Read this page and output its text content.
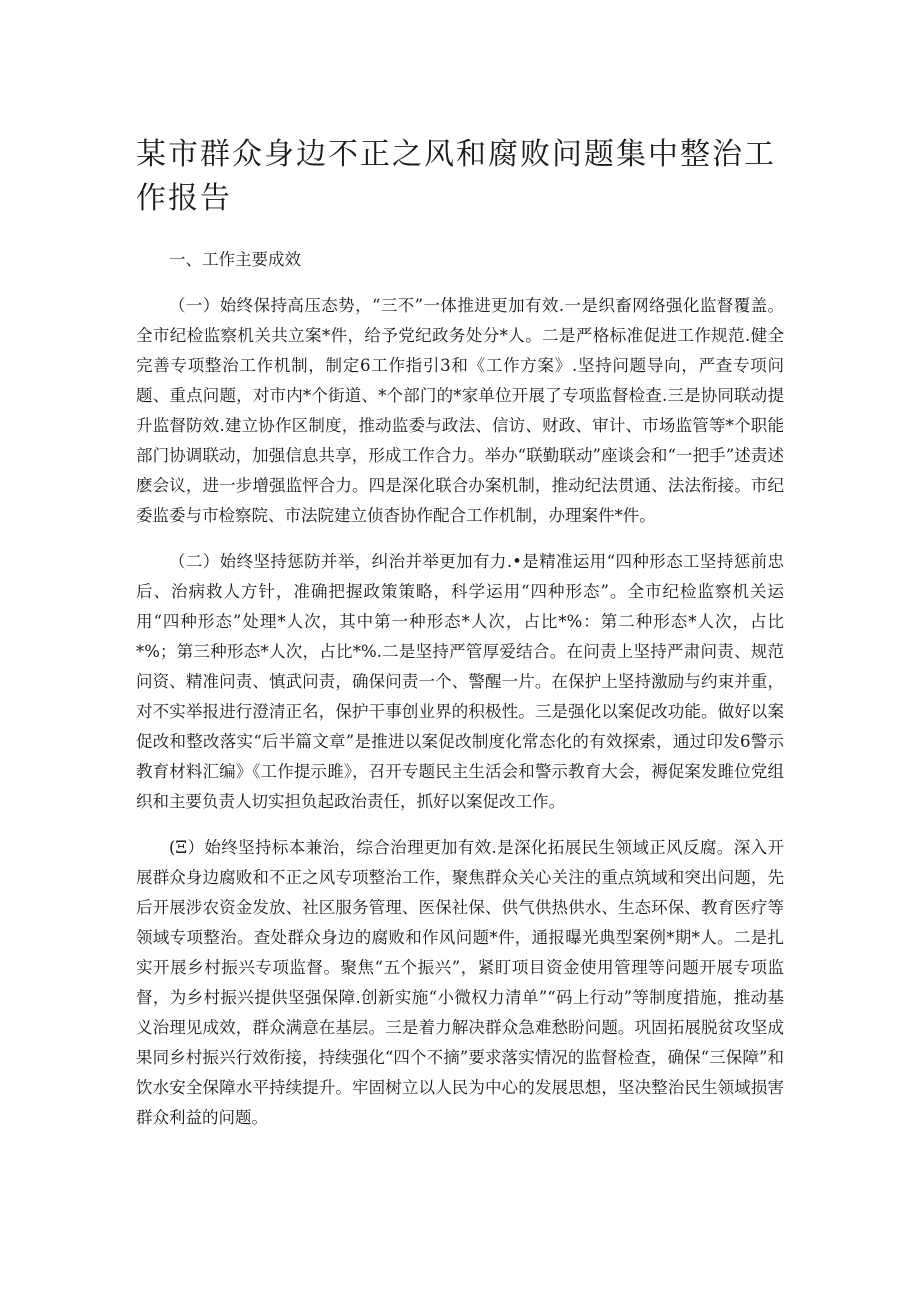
某市群众身边不正之风和腐败问题集中整治工作报告

一、工作主要成效

（一）始终保持高压态势，“三不”一体推进更加有效.一是织畜网络强化监督覆盖。全市纪检监察机关共立案*件，给予党纪政务处分*人。二是严格标准促进工作规范.健全完善专项整治工作机制，制定6工作指引3和《工作方案》.坚持问题导向，严查专项问题、重点问题，对市内*个街道、*个部门的*家单位开展了专项监督检查.三是协同联动提升监督防效.建立协作区制度，推动监委与政法、信访、财政、审计、市场监管等*个职能部门协调联动，加强信息共享，形成工作合力。举办“联勤联动”座谈会和“一把手”述责述麽会议，进一步增强监怦合力。四是深化联合办案机制，推动纪法贯通、法法衔接。市纪委监委与市检察院、市法院建立侦杳协作配合工作机制，办理案件*件。

（二）始终坚持惩防并举，纠治并举更加有力.•是精准运用“四种形态工坚持惩前忠后、治病救人方针，准确把握政策策略，科学运用“四种形态”。全市纪检监察机关运用“四种形态”处理*人次，其中第一种形态*人次，占比*%：第二种形态*人次，占比*%；第三种形态*人次，占比*%.二是坚持严管厚爱结合。在问责上坚持严肃问责、规范问资、精准问责、慎武问责，确保问责一个、警醒一片。在保护上坚持激励与约束并重，对不实举报进行澄清正名，保护干事创业界的积极性。三是强化以案促改功能。做好以案促改和整改落实“后半篇文章”是推进以案促改制度化常态化的有效探索，通过印发6警示教育材料汇编》《工作提示雎》，召开专题民主生活会和警示教育大会，褥促案发雎位党组织和主要负责人切实担负起政治责任，抓好以案促改工作。

(Ξ）始终坚持标本兼治，综合治理更加有效.是深化拓展民生领域正风反腐。深入开展群众身边腐败和不正之风专项整治工作，聚焦群众关心关注的重点筑域和突出问题，先后开展涉农资金发放、社区服务管理、医保社保、供气供热供水、生态环保、教育医疗等领域专项整治。查处群众身边的腐败和作风问题*件，通报曝光典型案例*期*人。二是扎实开展乡村振兴专项监督。聚焦“五个振兴”，紧盯项目资金使用管理等问题开展专项监督，为乡村振兴提供坚强保障.创新实施“小微权力清单”“码上行动”等制度措施，推动基义治理见成效，群众满意在基层。三是着力解决群众急难愁盼问题。巩固拓展脱贫攻坚成果同乡村振兴行效衔接，持续强化“四个不摘”要求落实情况的监督检查，确保“三保障”和饮水安全保障水平持续提升。牢固树立以人民为中心的发展思想，坚决整治民生领域损害群众利益的问题。
